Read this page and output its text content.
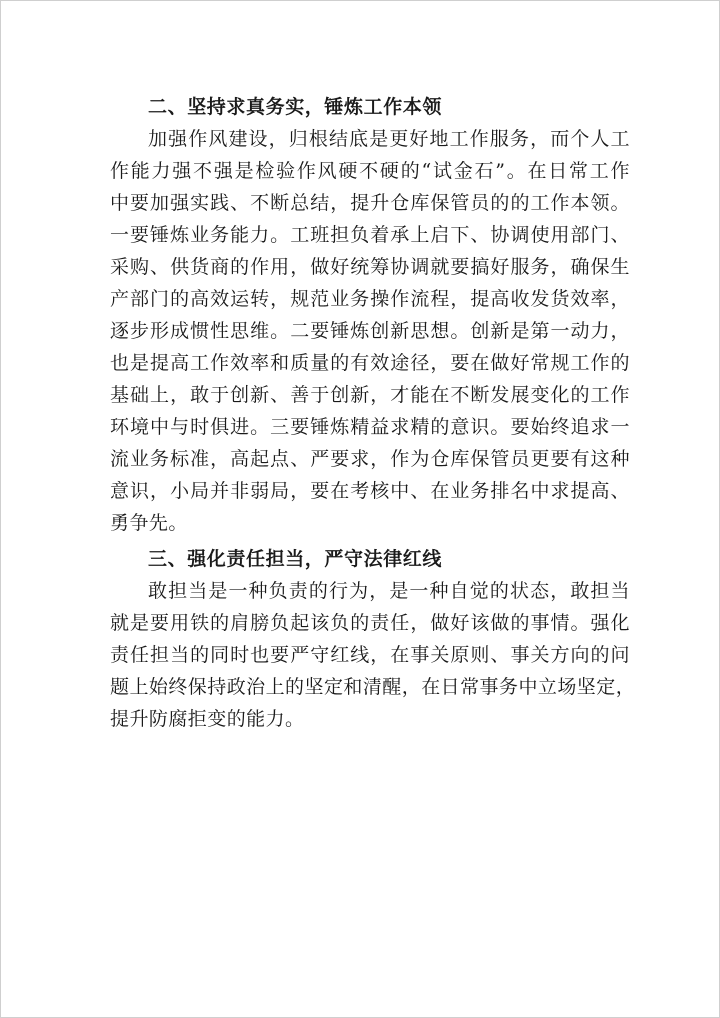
二、坚持求真务实，锤炼工作本领
加强作风建设，归根结底是更好地工作服务，而个人工
作能力强不强是检验作风硬不硬的“试金石”。在日常工作
中要加强实践、不断总结，提升仓库保管员的的工作本领。
一要锤炼业务能力。工班担负着承上启下、协调使用部门、
采购、供货商的作用，做好统筹协调就要搞好服务，确保生
产部门的高效运转，规范业务操作流程，提高收发货效率，
逐步形成惯性思维。二要锤炼创新思想。创新是第一动力，
也是提高工作效率和质量的有效途径，要在做好常规工作的
基础上，敢于创新、善于创新，才能在不断发展变化的工作
环境中与时俱进。三要锤炼精益求精的意识。要始终追求一
流业务标准，高起点、严要求，作为仓库保管员更要有这种
意识，小局并非弱局，要在考核中、在业务排名中求提高、
勇争先。
三、强化责任担当，严守法律红线
敢担当是一种负责的行为，是一种自觉的状态，敢担当
就是要用铁的肩膀负起该负的责任，做好该做的事情。强化
责任担当的同时也要严守红线，在事关原则、事关方向的问
题上始终保持政治上的坚定和清醒，在日常事务中立场坚定，
提升防腐拒变的能力。
